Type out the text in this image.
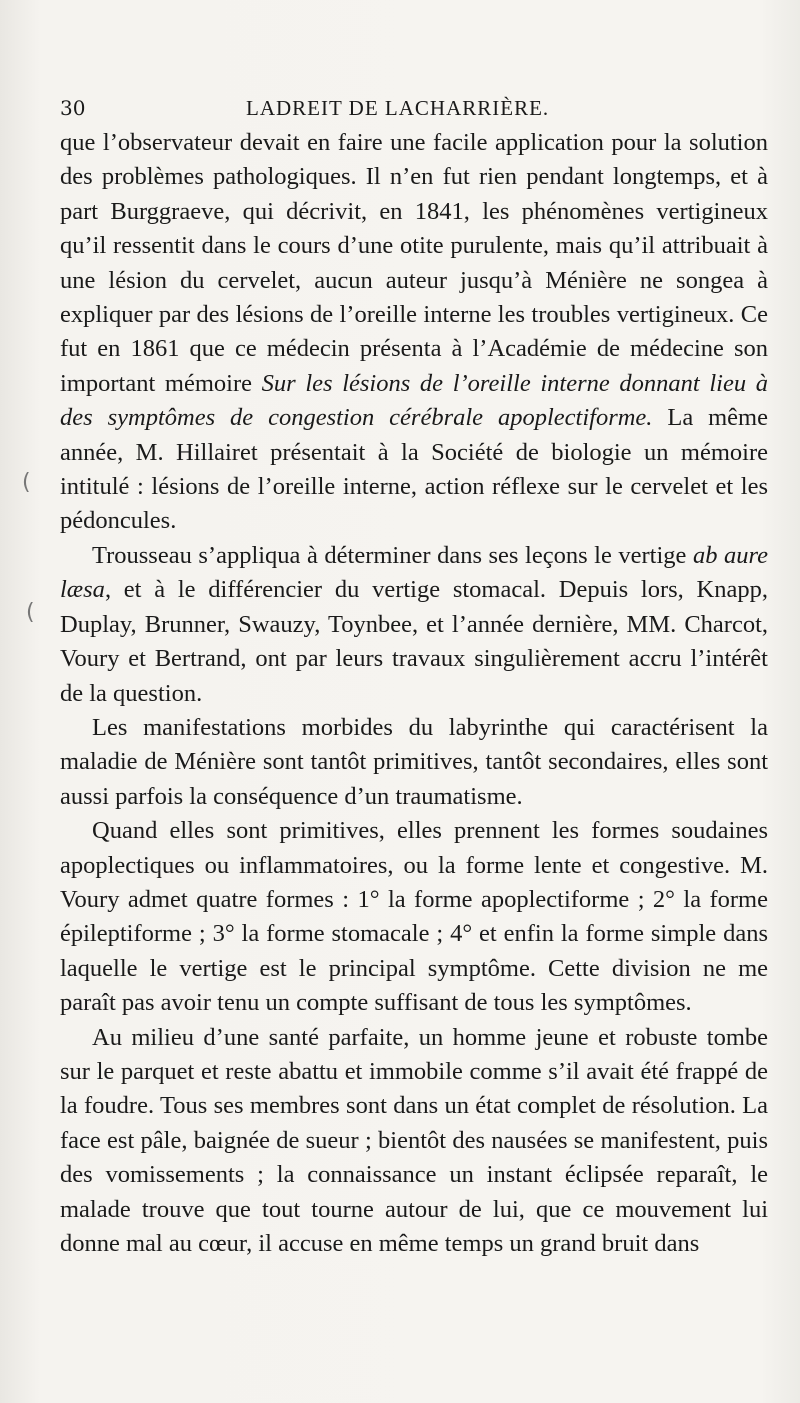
30	LADREIT DE LACHARRIÈRE.
(
(

que l’observateur devait en faire une facile application pour la solution des problèmes pathologiques. Il n’en fut rien pendant longtemps, et à part Burggraeve, qui décrivit, en 1841, les phénomènes vertigineux qu’il ressentit dans le cours d’une otite purulente, mais qu’il attribuait à une lésion du cervelet, aucun auteur jusqu’à Ménière ne songea à expliquer par des lésions de l’oreille interne les troubles vertigineux. Ce fut en 1861 que ce médecin présenta à l’Académie de médecine son important mémoire Sur les lésions de l’oreille interne donnant lieu à des symptômes de congestion cérébrale apoplectiforme. La même année, M. Hillairet présentait à la Société de biologie un mémoire intitulé : lésions de l’oreille interne, action réflexe sur le cervelet et les pédoncules.

Trousseau s’appliqua à déterminer dans ses leçons le vertige ab aure læsa, et à le différencier du vertige stomacal. Depuis lors, Knapp, Duplay, Brunner, Swauzy, Toynbee, et l’année dernière, MM. Charcot, Voury et Bertrand, ont par leurs travaux singulièrement accru l’intérêt de la question.

Les manifestations morbides du labyrinthe qui caractérisent la maladie de Ménière sont tantôt primitives, tantôt secondaires, elles sont aussi parfois la conséquence d’un traumatisme.

Quand elles sont primitives, elles prennent les formes soudaines apoplectiques ou inflammatoires, ou la forme lente et congestive. M. Voury admet quatre formes : 1° la forme apoplectiforme ; 2° la forme épileptiforme ; 3° la forme stomacale ; 4° et enfin la forme simple dans laquelle le vertige est le principal symptôme. Cette division ne me paraît pas avoir tenu un compte suffisant de tous les symptômes.

Au milieu d’une santé parfaite, un homme jeune et robuste tombe sur le parquet et reste abattu et immobile comme s’il avait été frappé de la foudre. Tous ses membres sont dans un état complet de résolution. La face est pâle, baignée de sueur ; bientôt des nausées se manifestent, puis des vomissements ; la connaissance un instant éclipsée reparaît, le malade trouve que tout tourne autour de lui, que ce mouvement lui donne mal au cœur, il accuse en même temps un grand bruit dans
